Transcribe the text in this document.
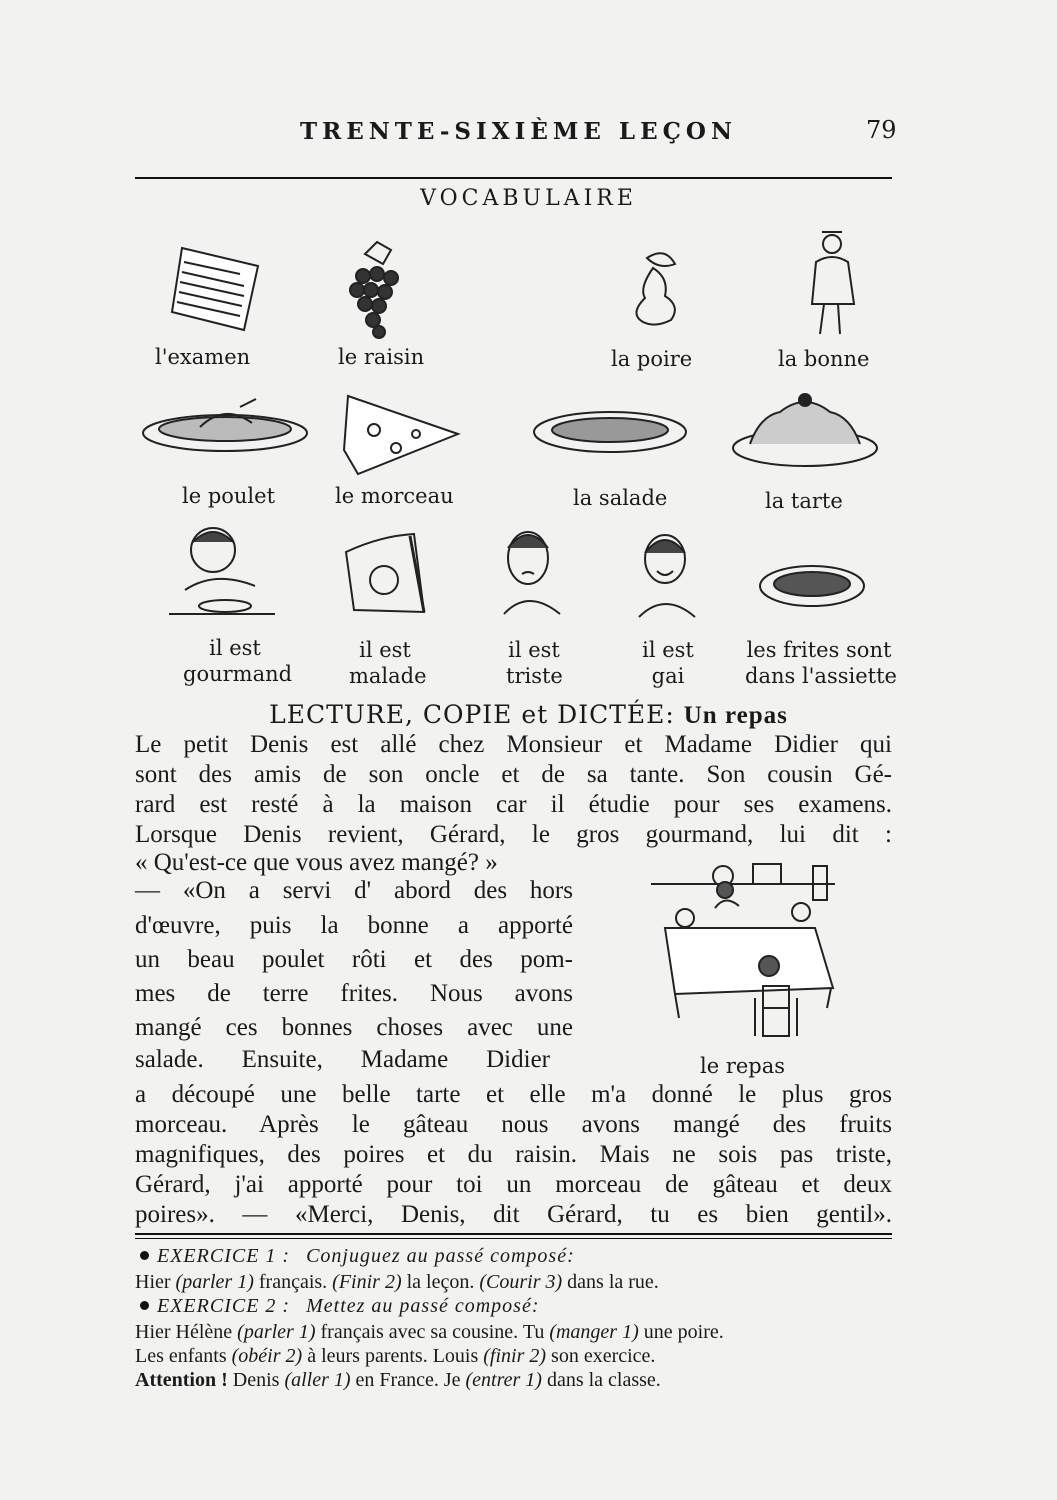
TRENTE-SIXIÈME LEÇON	79
VOCABULAIRE
l'examen	le raisin	la poire	la bonne
le poulet	le morceau	la salade	la tarte
il est
gourmand
il est
malade
il est
triste
il est
gai
les frites sont
dans l'assiette
LECTURE, COPIE et DICTÉE: Un repas
Le petit Denis est allé chez Monsieur et Madame Didier qui
sont des amis de son oncle et de sa tante. Son cousin Gé-
rard est resté à la maison car il étudie pour ses examens.
Lorsque Denis revient, Gérard, le gros gourmand, lui dit :
« Qu'est-ce que vous avez mangé? »
— «On a servi d' abord des hors
d'œuvre, puis la bonne a apporté
un beau poulet rôti et des pom-
mes de terre frites. Nous avons
mangé ces bonnes choses avec une
salade. Ensuite, Madame Didier
a découpé une belle tarte et elle m'a donné le plus gros
morceau. Après le gâteau nous avons mangé des fruits
magnifiques, des poires et du raisin. Mais ne sois pas triste,
Gérard, j'ai apporté pour toi un morceau de gâteau et deux
poires». — «Merci, Denis, dit Gérard, tu es bien gentil».
le repas
EXERCICE 1 : Conjuguez au passé composé:
Hier (parler 1) français. (Finir 2) la leçon. (Courir 3) dans la rue.
EXERCICE 2 : Mettez au passé composé:
Hier Hélène (parler 1) français avec sa cousine. Tu (manger 1) une poire.
Les enfants (obéir 2) à leurs parents. Louis (finir 2) son exercice.
Attention ! Denis (aller 1) en France. Je (entrer 1) dans la classe.
